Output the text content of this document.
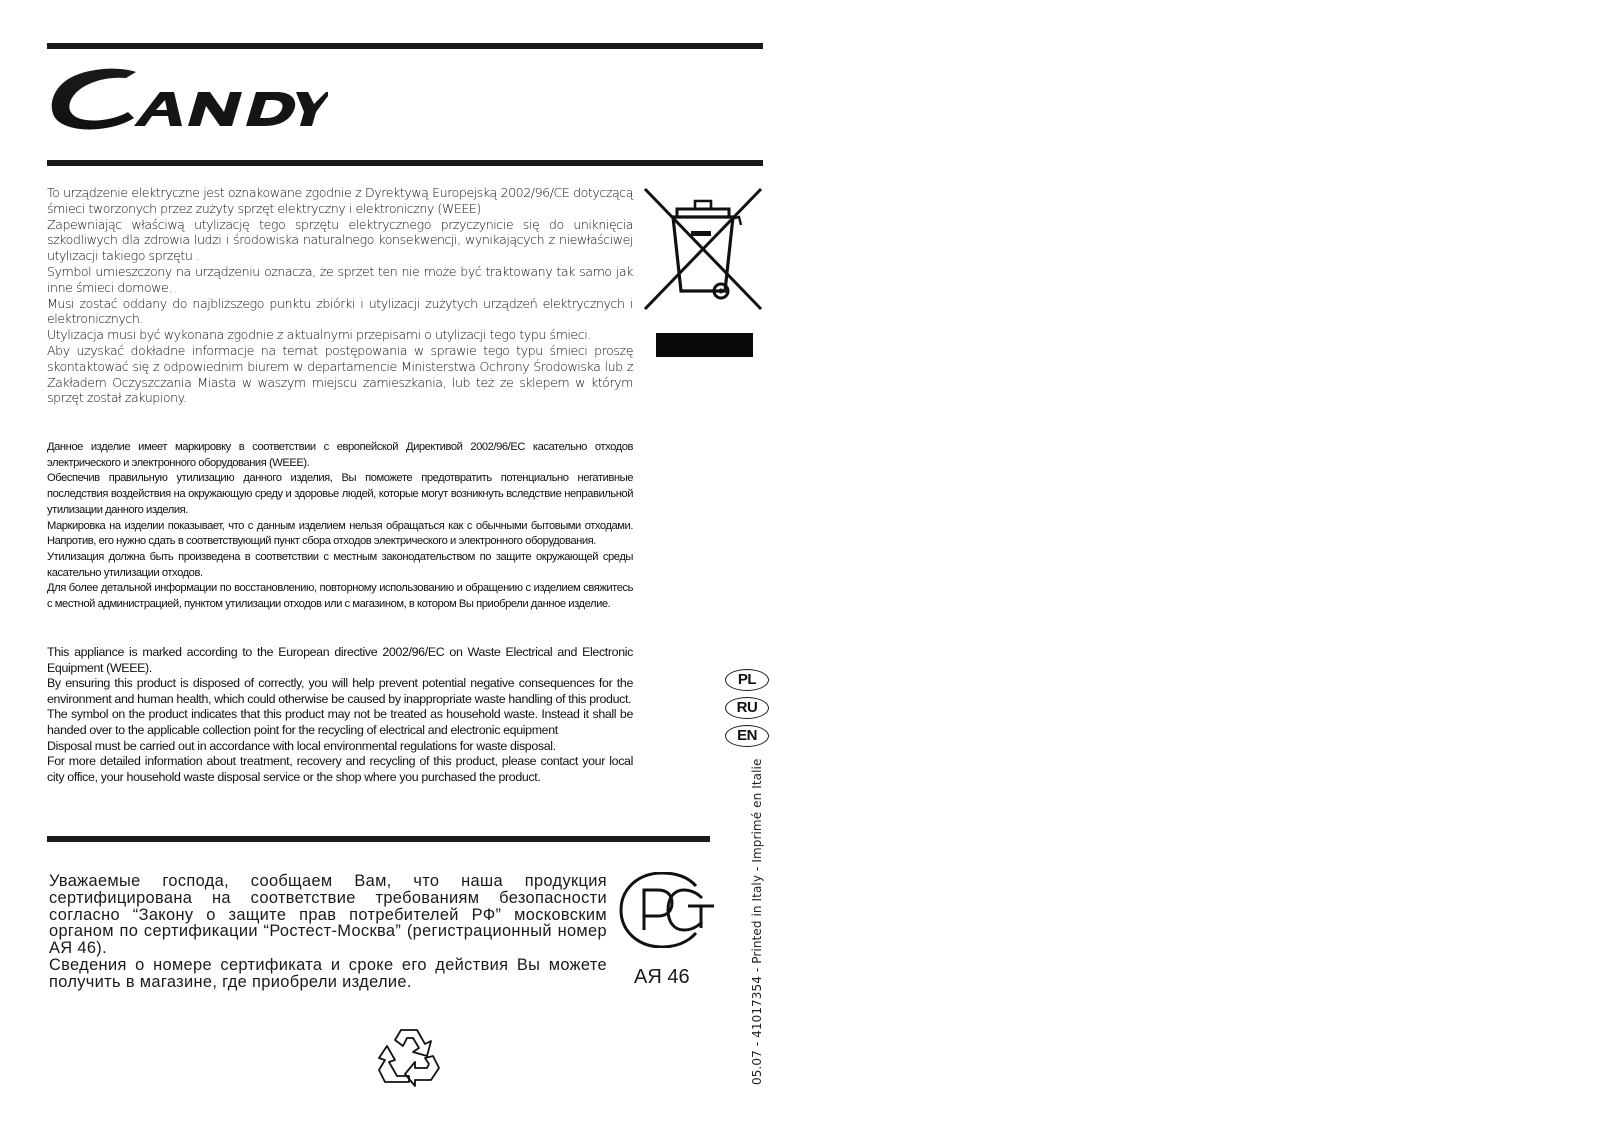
To urządzenie elektryczne jest oznakowane zgodnie z Dyrektywą Europejską 2002/96/CE dotyczącą śmieci tworzonych przez zużyty sprzęt elektryczny i elektroniczny (WEEE)
Zapewniając właściwą utylizację tego sprzętu elektrycznego przyczynicie się do uniknięcia szkodliwych dla zdrowia ludzi i środowiska naturalnego konsekwencji, wynikających z niewłaściwej utylizacji takiego sprzętu .
Symbol umieszczony na urządzeniu oznacza, że sprzet ten nie może być traktowany tak samo jak inne śmieci domowe.
Musi zostać oddany do najbliższego punktu zbiórki i utylizacji zużytych urządzeń elektrycznych i elektronicznych.
Utylizacja musi być wykonana zgodnie z aktualnymi przepisami o utylizacji tego typu śmieci.
Aby uzyskać dokładne informacje na temat postępowania w sprawie tego typu śmieci proszę skontaktować się z odpowiednim biurem w departamencie Ministerstwa Ochrony Środowiska lub z Zakładem Oczyszczania Miasta w waszym miejscu zamieszkania, lub też ze sklepem w którym sprzęt został zakupiony.
Данное изделие имеет маркировку в соответствии с европейской Директивой 2002/96/EC касательно отходов электрического и электронного оборудования (WEEE).
Обеспечив правильную утилизацию данного изделия, Вы поможете предотвратить потенциально негативные последствия воздействия на окружающую среду и здоровье людей, которые могут возникнуть вследствие неправильной утилизации данного изделия.
Маркировка на изделии показывает, что с данным изделием нельзя обращаться как с обычными бытовыми отходами. Напротив, его нужно сдать в соответствующий пункт сбора отходов электрического и электронного оборудования.
Утилизация должна быть произведена в соответствии с местным законодательством по защите окружающей среды касательно утилизации отходов.
Для более детальной информации по восстановлению, повторному использованию и обращению с изделием свяжитесь с местной администрацией, пунктом утилизации отходов или с магазином, в котором Вы приобрели данное изделие.
This appliance is marked according to the European directive 2002/96/EC on Waste Electrical and Electronic Equipment (WEEE).
By ensuring this product is disposed of correctly, you will help prevent potential negative consequences for the environment and human health, which could otherwise be caused by inappropriate waste handling of this product.
The symbol on the product indicates that this product may not be treated as household waste. Instead it shall be handed over to the applicable collection point for the recycling of electrical and electronic equipment
Disposal must be carried out in accordance with local environmental regulations for waste disposal.
For more detailed information about treatment, recovery and recycling of this product, please contact your local city office, your household waste disposal service or the shop where you purchased the product.
PL
RU
EN
Уважаемые господа, сообщаем Вам, что наша продукция сертифицирована на соответствие требованиям безопасности согласно “Закону о защите прав потребителей РФ” московским органом по сертификации “Ростест-Москва” (регистрационный номер АЯ 46).
Сведения о номере сертификата и сроке его действия Вы можете получить в магазине, где приобрели изделие.	АЯ 46	05.07 - 41017354 - Printed in Italy - Imprimé en Italie
